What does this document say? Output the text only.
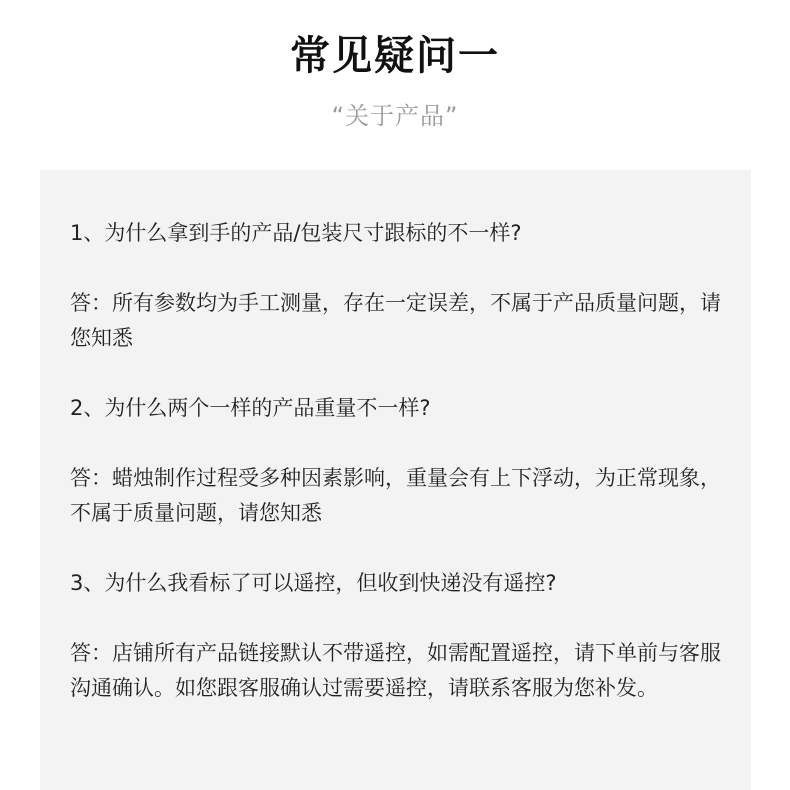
常见疑问一
“关于产品”

1、为什么拿到手的产品/包装尺寸跟标的不一样?

答：所有参数均为手工测量，存在一定误差，不属于产品质量问题，请您知悉

2、为什么两个一样的产品重量不一样?

答：蜡烛制作过程受多种因素影响，重量会有上下浮动，为正常现象，不属于质量问题，请您知悉

3、为什么我看标了可以遥控，但收到快递没有遥控?

答：店铺所有产品链接默认不带遥控，如需配置遥控，请下单前与客服沟通确认。如您跟客服确认过需要遥控，请联系客服为您补发。
